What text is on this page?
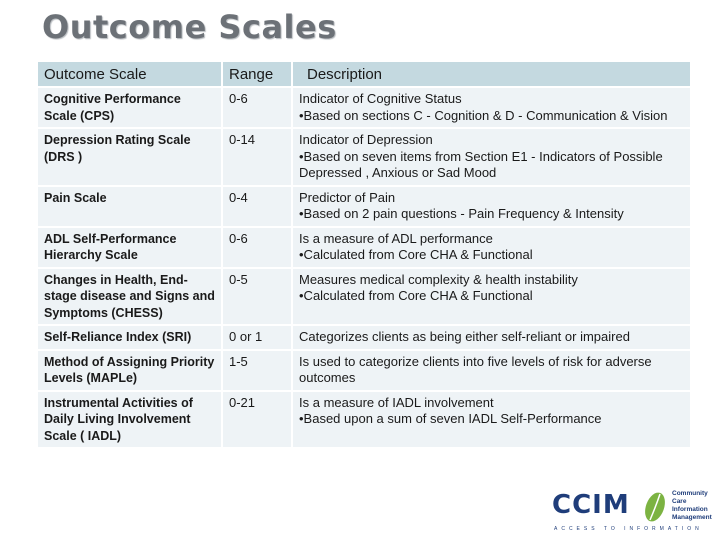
Outcome Scales
Outcome Scale	Range	Description
Cognitive Performance Scale (CPS)	0-6	Indicator of Cognitive Status
•Based on sections C - Cognition & D - Communication & Vision

Depression Rating Scale (DRS )	0-14	Indicator of Depression
•Based on seven items from Section E1 - Indicators of Possible Depressed , Anxious or Sad Mood

Pain Scale	0-4	Predictor of Pain
•Based on 2 pain questions - Pain Frequency & Intensity

ADL Self-Performance Hierarchy Scale	0-6	Is a measure of ADL performance
•Calculated from Core CHA & Functional

Changes in Health, End-stage disease and Signs and Symptoms (CHESS)	0-5	Measures medical complexity & health instability
•Calculated from Core CHA & Functional

Self-Reliance Index (SRI)	0 or 1	Categorizes clients as being either self-reliant or impaired

Method of Assigning Priority Levels (MAPLe)	1-5	Is used to categorize clients into five levels of risk for adverse outcomes

Instrumental Activities of Daily Living Involvement Scale ( IADL)	0-21	Is a measure of IADL involvement
•Based upon a sum of seven IADL Self-Performance
CCIM	Community
Care
Information
Management
ACCESS TO INFORMATION
